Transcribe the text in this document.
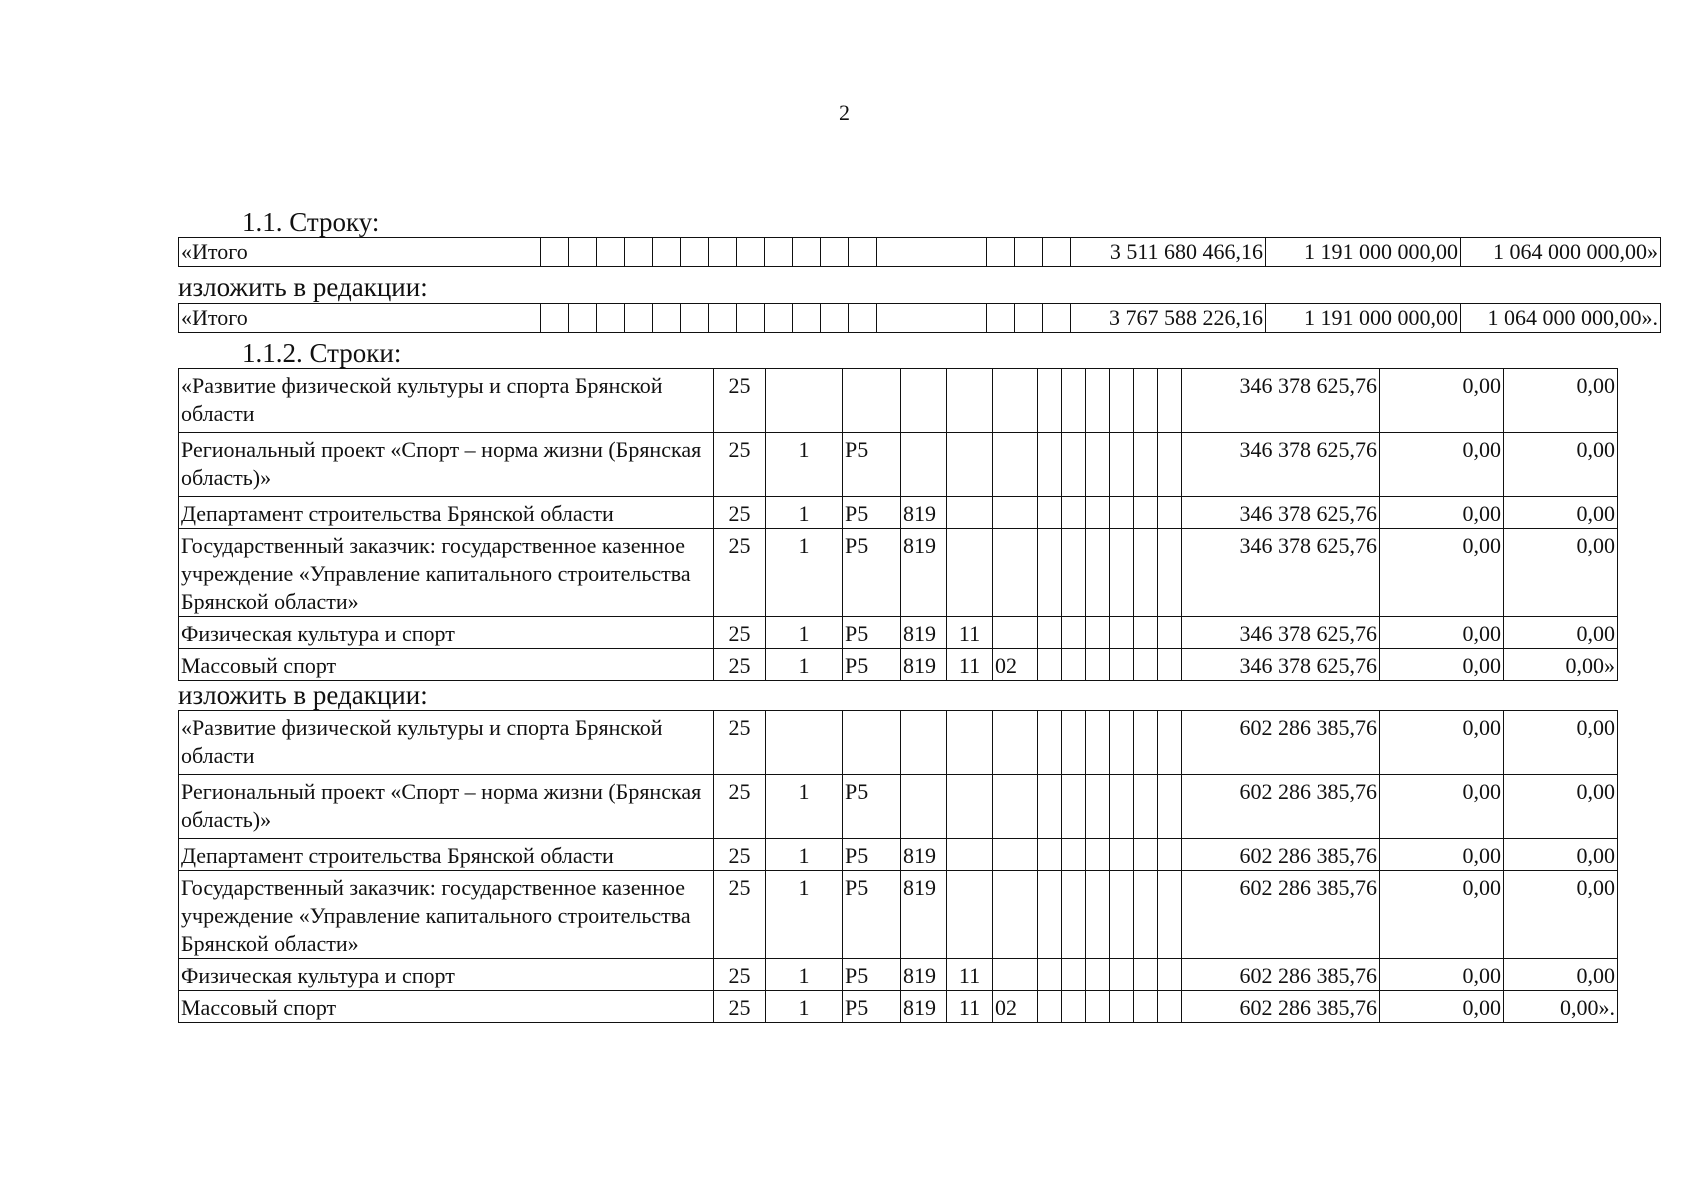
2
1.1. Строку:
«Итого																	3 511 680 466,16	1 191 000 000,00	1 064 000 000,00»
изложить в редакции:
«Итого																	3 767 588 226,16	1 191 000 000,00	1 064 000 000,00».
1.1.2. Строки:
«Развитие физической культуры и спорта Брянской области	25												346 378 625,76	0,00	0,00
Региональный проект «Спорт – норма жизни (Брянская область)»	25	1	P5										346 378 625,76	0,00	0,00
Департамент строительства Брянской области	25	1	P5	819									346 378 625,76	0,00	0,00
Государственный заказчик: государственное казенное учреждение «Управление капитального строительства Брянской области»	25	1	P5	819									346 378 625,76	0,00	0,00
Физическая культура и спорт	25	1	P5	819	11								346 378 625,76	0,00	0,00
Массовый спорт	25	1	P5	819	11	02							346 378 625,76	0,00	0,00»
изложить в редакции:
«Развитие физической культуры и спорта Брянской области	25												602 286 385,76	0,00	0,00
Региональный проект «Спорт – норма жизни (Брянская область)»	25	1	P5										602 286 385,76	0,00	0,00
Департамент строительства Брянской области	25	1	P5	819									602 286 385,76	0,00	0,00
Государственный заказчик: государственное казенное учреждение «Управление капитального строительства Брянской области»	25	1	P5	819									602 286 385,76	0,00	0,00
Физическая культура и спорт	25	1	P5	819	11								602 286 385,76	0,00	0,00
Массовый спорт	25	1	P5	819	11	02							602 286 385,76	0,00	0,00».
